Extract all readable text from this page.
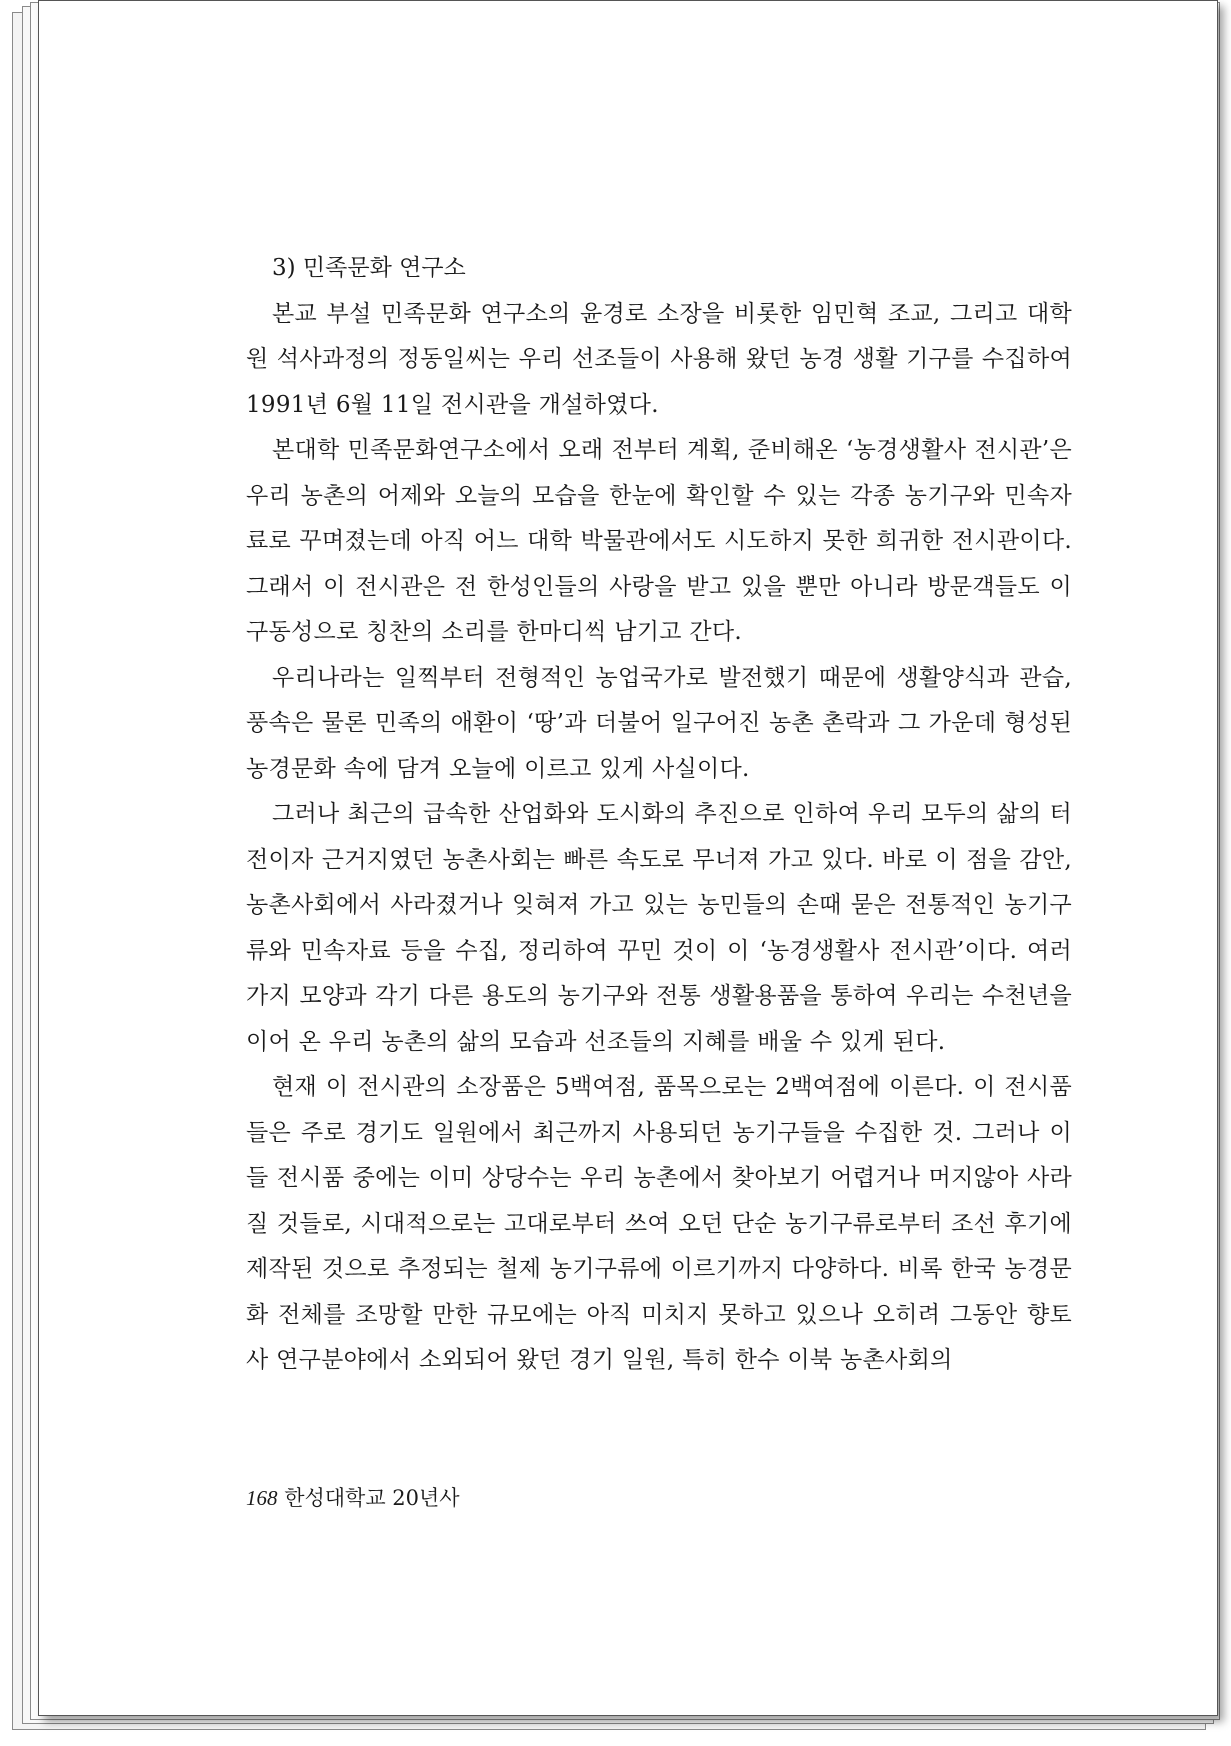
3) 민족문화 연구소

본교 부설 민족문화 연구소의 윤경로 소장을 비롯한 임민혁 조교, 그리고 대학원 석사과정의 정동일씨는 우리 선조들이 사용해 왔던 농경 생활 기구를 수집하여 1991년 6월 11일 전시관을 개설하였다.

본대학 민족문화연구소에서 오래 전부터 계획, 준비해온 ‘농경생활사 전시관’은 우리 농촌의 어제와 오늘의 모습을 한눈에 확인할 수 있는 각종 농기구와 민속자료로 꾸며졌는데 아직 어느 대학 박물관에서도 시도하지 못한 희귀한 전시관이다. 그래서 이 전시관은 전 한성인들의 사랑을 받고 있을 뿐만 아니라 방문객들도 이구동성으로 칭찬의 소리를 한마디씩 남기고 간다.

우리나라는 일찍부터 전형적인 농업국가로 발전했기 때문에 생활양식과 관습, 풍속은 물론 민족의 애환이 ‘땅’과 더불어 일구어진 농촌 촌락과 그 가운데 형성된 농경문화 속에 담겨 오늘에 이르고 있게 사실이다.

그러나 최근의 급속한 산업화와 도시화의 추진으로 인하여 우리 모두의 삶의 터전이자 근거지였던 농촌사회는 빠른 속도로 무너져 가고 있다. 바로 이 점을 감안, 농촌사회에서 사라졌거나 잊혀져 가고 있는 농민들의 손때 묻은 전통적인 농기구류와 민속자료 등을 수집, 정리하여 꾸민 것이 이 ‘농경생활사 전시관’이다. 여러가지 모양과 각기 다른 용도의 농기구와 전통 생활용품을 통하여 우리는 수천년을 이어 온 우리 농촌의 삶의 모습과 선조들의 지혜를 배울 수 있게 된다.

현재 이 전시관의 소장품은 5백여점, 품목으로는 2백여점에 이른다. 이 전시품들은 주로 경기도 일원에서 최근까지 사용되던 농기구들을 수집한 것. 그러나 이들 전시품 중에는 이미 상당수는 우리 농촌에서 찾아보기 어렵거나 머지않아 사라질 것들로, 시대적으로는 고대로부터 쓰여 오던 단순 농기구류로부터 조선 후기에 제작된 것으로 추정되는 철제 농기구류에 이르기까지 다양하다. 비록 한국 농경문화 전체를 조망할 만한 규모에는 아직 미치지 못하고 있으나 오히려 그동안 향토사 연구분야에서 소외되어 왔던 경기 일원, 특히 한수 이북 농촌사회의

168 한성대학교 20년사
